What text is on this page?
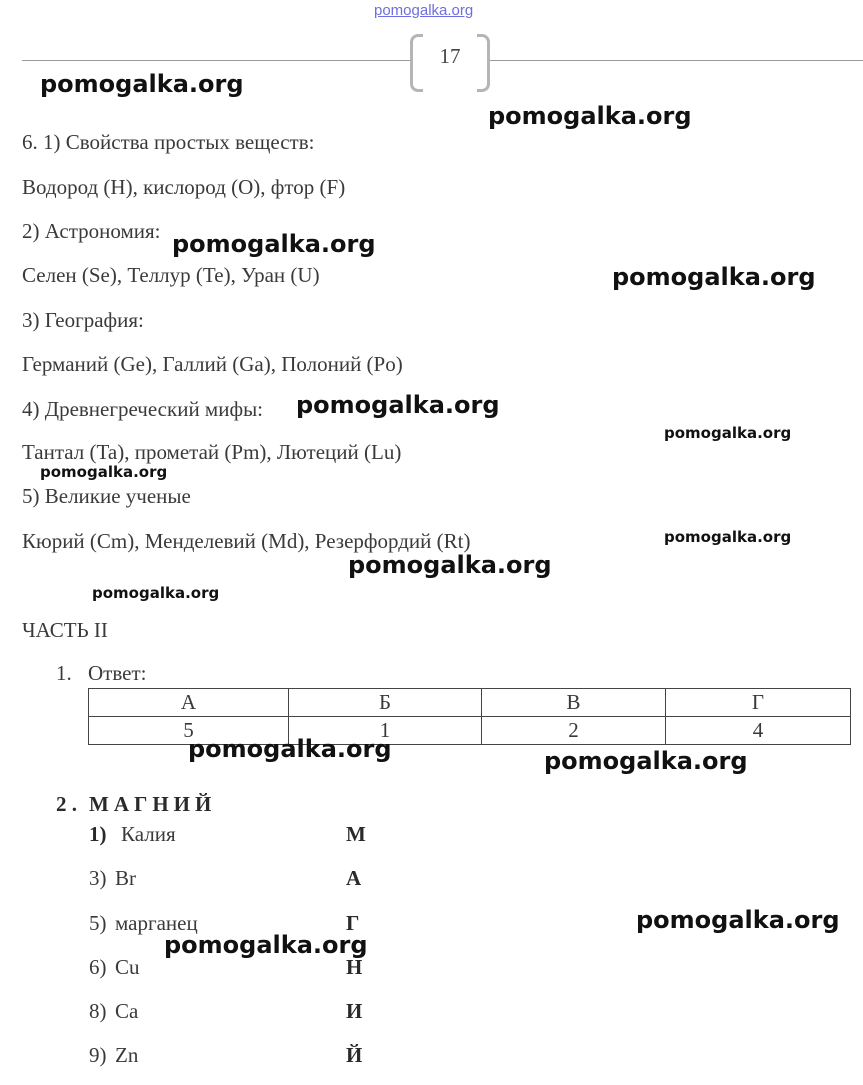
pomogalka.org
17
6. 1) Свойства простых веществ:
Водород (H), кислород (O), фтор (F)
2) Астрономия:
Селен (Se), Теллур (Te), Уран (U)
3) География:
Германий (Ge), Галлий (Ga), Полоний (Po)
4) Древнегреческий мифы:
Тантал (Ta), прометай (Pm), Лютеций (Lu)
5) Великие ученые
Кюрий (Cm), Менделевий (Md), Резерфордий (Rt)
ЧАСТЬ II
1. Ответ:
А	Б	В	Г
5	1	2	4
2 . МАГНИЙ
1) Калия	М
3) Br	А
5) марганец	Г
6) Cu	Н
8) Ca	И
9) Zn	Й
pomogalka.org
pomogalka.org
pomogalka.org
pomogalka.org
pomogalka.org
pomogalka.org
pomogalka.org
pomogalka.org
pomogalka.org
pomogalka.org
pomogalka.org	pomogalka.org
pomogalka.org
pomogalka.org
